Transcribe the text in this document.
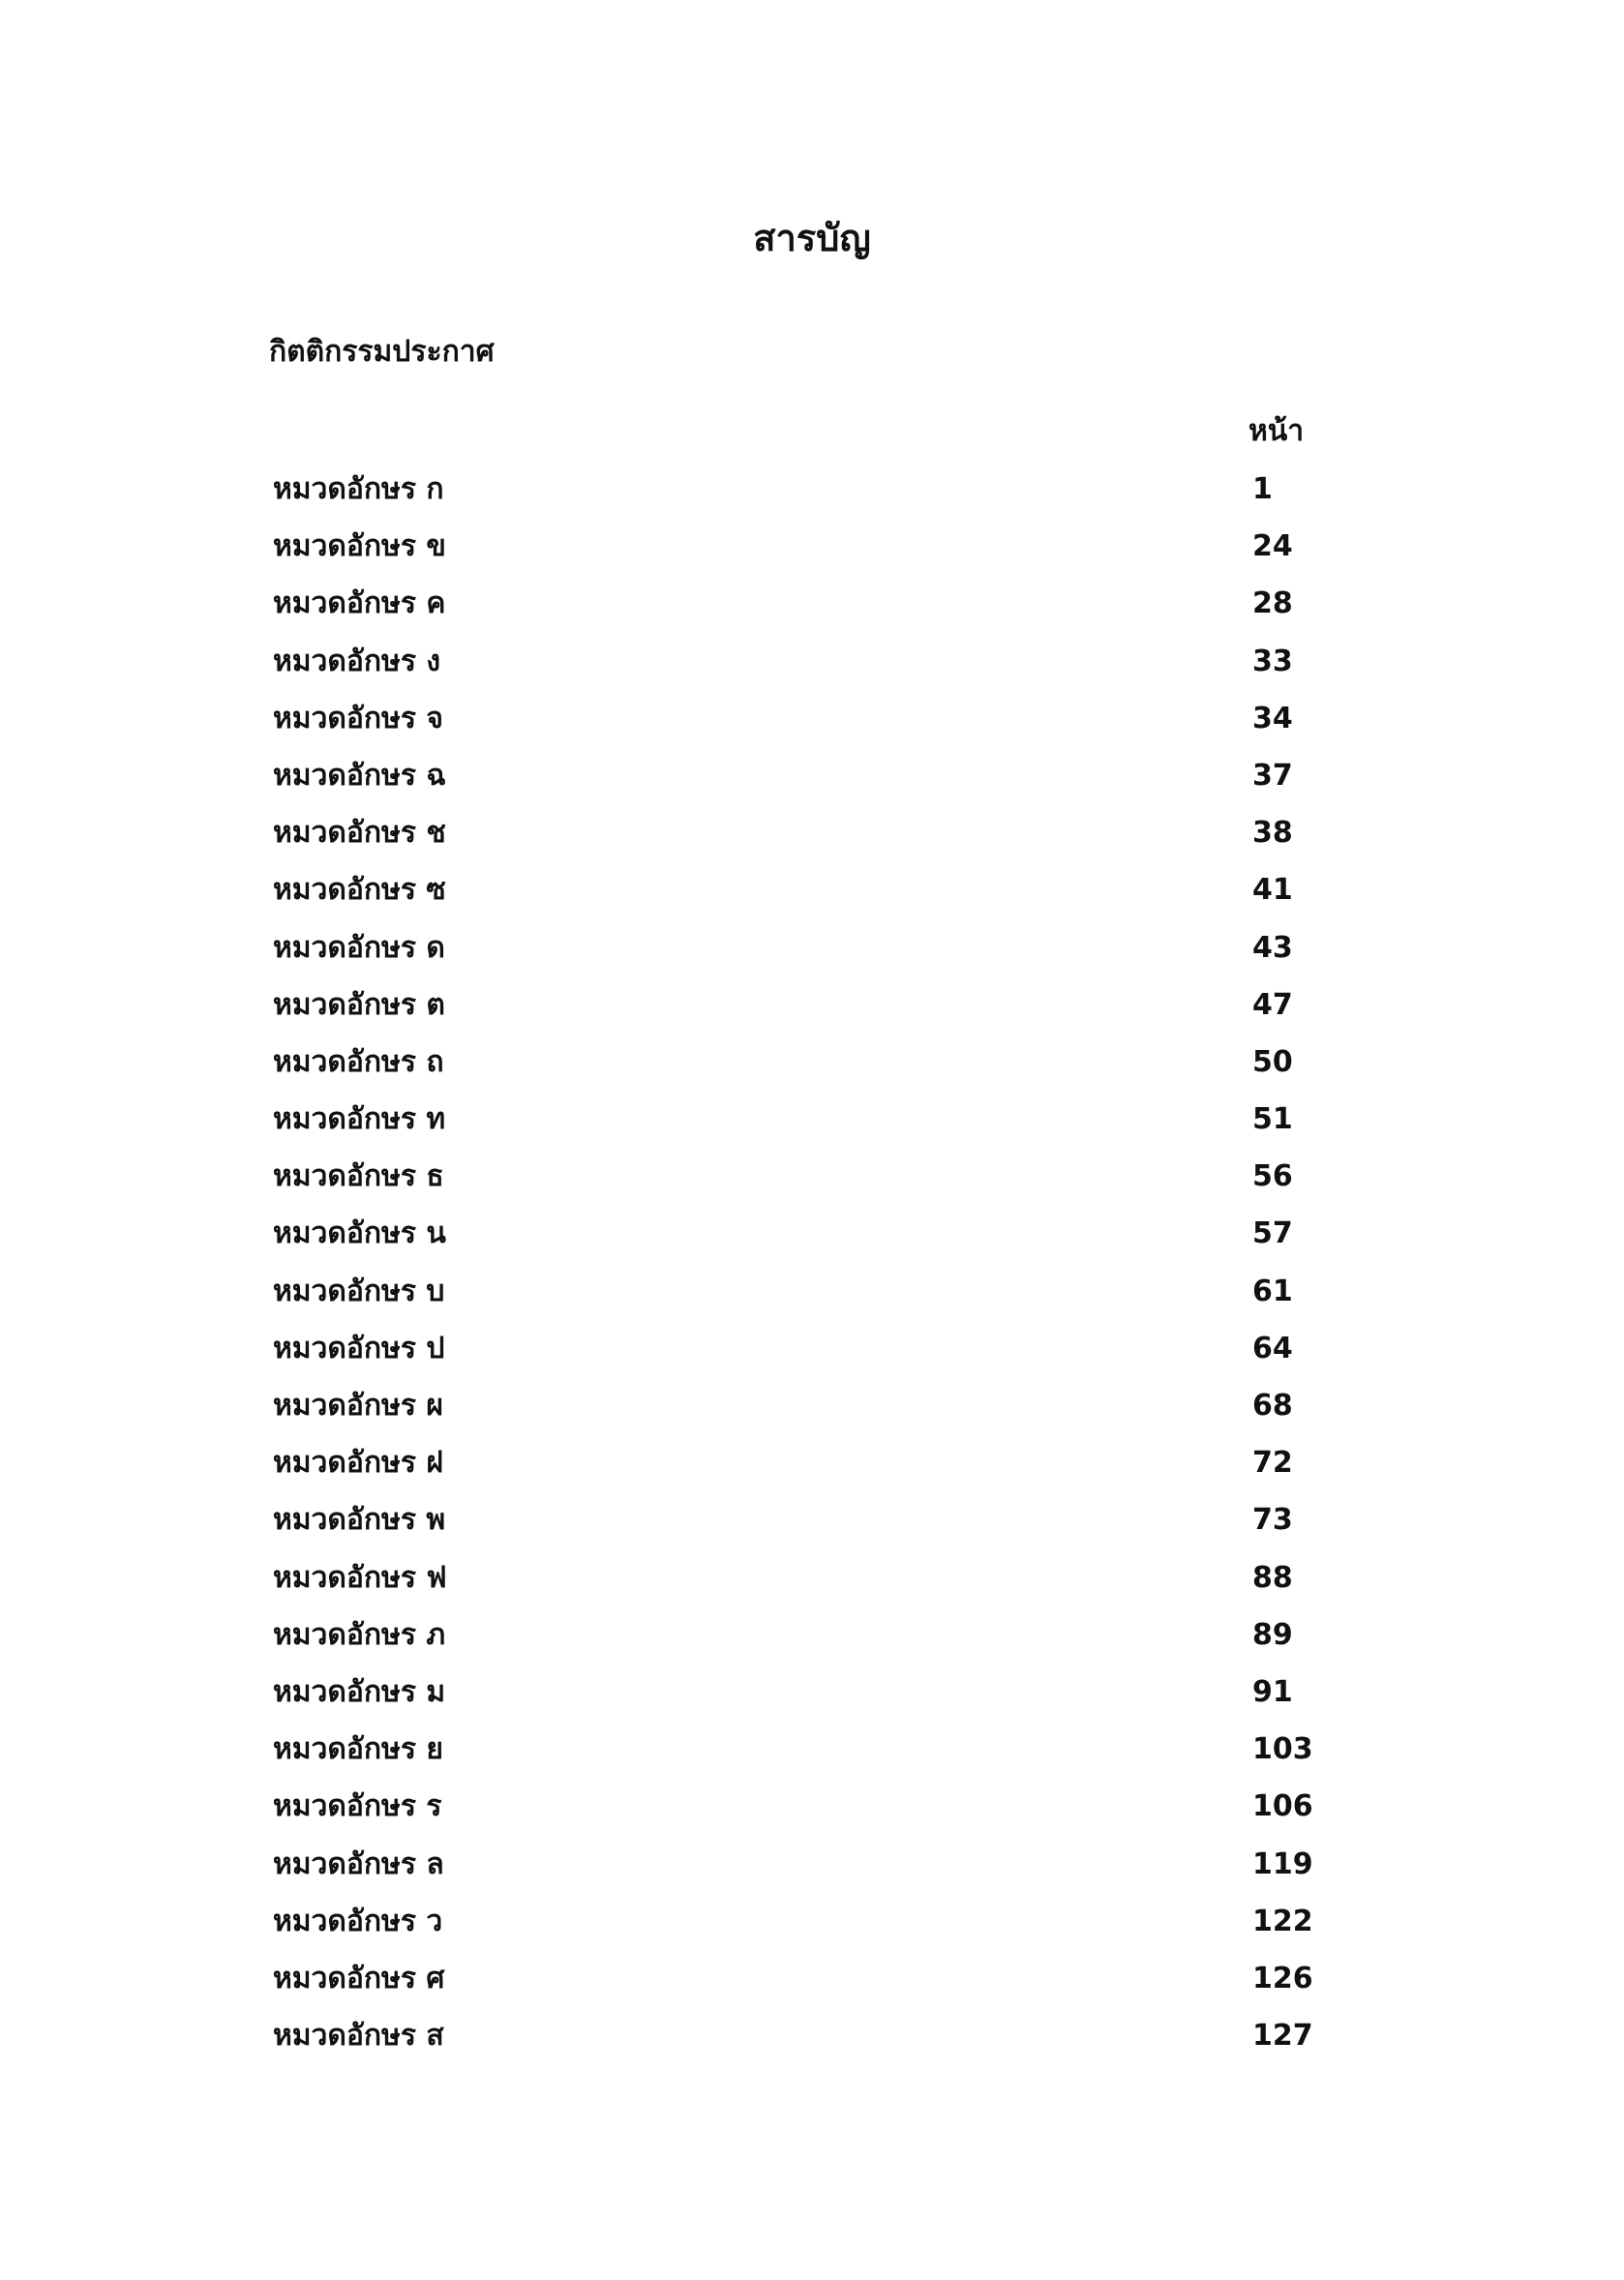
สารบัญ
กิตติกรรมประกาศ
หน้า
หมวดอักษร ก	1
หมวดอักษร ข	24
หมวดอักษร ค	28
หมวดอักษร ง	33
หมวดอักษร จ	34
หมวดอักษร ฉ	37
หมวดอักษร ช	38
หมวดอักษร ซ	41
หมวดอักษร ด	43
หมวดอักษร ต	47
หมวดอักษร ถ	50
หมวดอักษร ท	51
หมวดอักษร ธ	56
หมวดอักษร น	57
หมวดอักษร บ	61
หมวดอักษร ป	64
หมวดอักษร ผ	68
หมวดอักษร ฝ	72
หมวดอักษร พ	73
หมวดอักษร ฟ	88
หมวดอักษร ภ	89
หมวดอักษร ม	91
หมวดอักษร ย	103
หมวดอักษร ร	106
หมวดอักษร ล	119
หมวดอักษร ว	122
หมวดอักษร ศ	126
หมวดอักษร ส	127
